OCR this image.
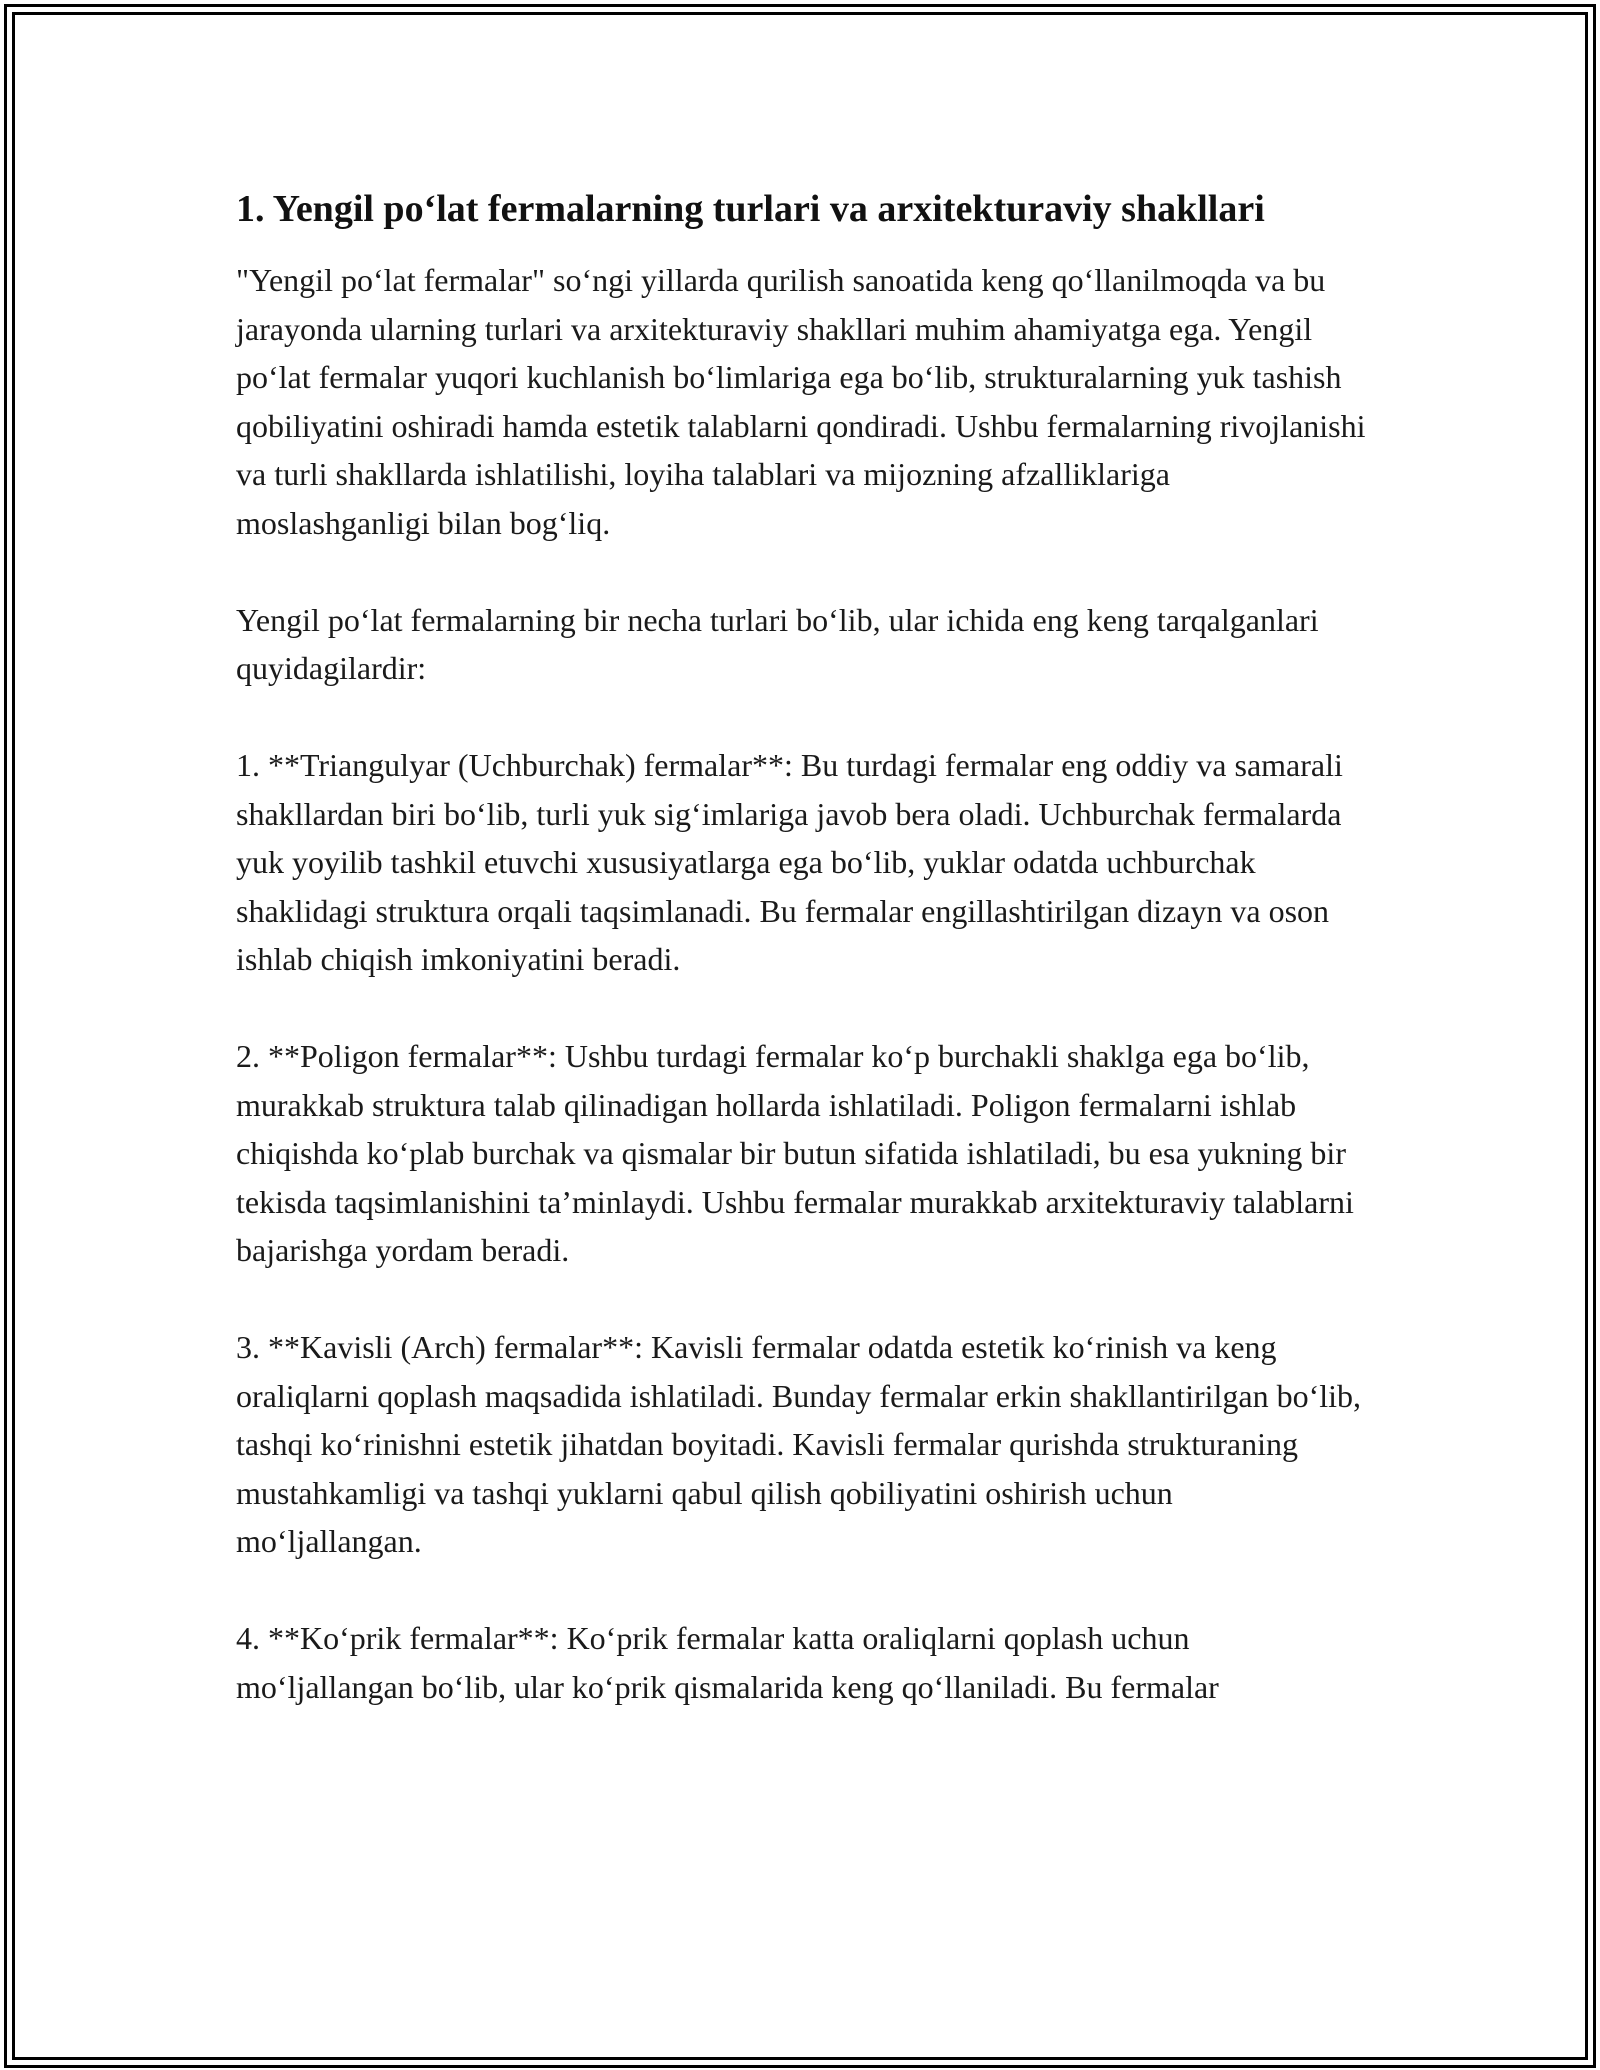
1. Yengil po‘lat fermalarning turlari va arxitekturaviy shakllari

"Yengil po‘lat fermalar" so‘ngi yillarda qurilish sanoatida keng qo‘llanilmoqda va bu jarayonda ularning turlari va arxitekturaviy shakllari muhim ahamiyatga ega. Yengil po‘lat fermalar yuqori kuchlanish bo‘limlariga ega bo‘lib, strukturalarning yuk tashish qobiliyatini oshiradi hamda estetik talablarni qondiradi. Ushbu fermalarning rivojlanishi va turli shakllarda ishlatilishi, loyiha talablari va mijozning afzalliklariga moslashganligi bilan bog‘liq.

Yengil po‘lat fermalarning bir necha turlari bo‘lib, ular ichida eng keng tarqalganlari quyidagilardir:

1. **Triangulyar (Uchburchak) fermalar**: Bu turdagi fermalar eng oddiy va samarali shakllardan biri bo‘lib, turli yuk sig‘imlariga javob bera oladi. Uchburchak fermalarda yuk yoyilib tashkil etuvchi xususiyatlarga ega bo‘lib, yuklar odatda uchburchak shaklidagi struktura orqali taqsimlanadi. Bu fermalar engillashtirilgan dizayn va oson ishlab chiqish imkoniyatini beradi.

2. **Poligon fermalar**: Ushbu turdagi fermalar ko‘p burchakli shaklga ega bo‘lib, murakkab struktura talab qilinadigan hollarda ishlatiladi. Poligon fermalarni ishlab chiqishda ko‘plab burchak va qismalar bir butun sifatida ishlatiladi, bu esa yukning bir tekisda taqsimlanishini ta’minlaydi. Ushbu fermalar murakkab arxitekturaviy talablarni bajarishga yordam beradi.

3. **Kavisli (Arch) fermalar**: Kavisli fermalar odatda estetik ko‘rinish va keng oraliqlarni qoplash maqsadida ishlatiladi. Bunday fermalar erkin shakllantirilgan bo‘lib, tashqi ko‘rinishni estetik jihatdan boyitadi. Kavisli fermalar qurishda strukturaning mustahkamligi va tashqi yuklarni qabul qilish qobiliyatini oshirish uchun mo‘ljallangan.

4. **Ko‘prik fermalar**: Ko‘prik fermalar katta oraliqlarni qoplash uchun mo‘ljallangan bo‘lib, ular ko‘prik qismalarida keng qo‘llaniladi. Bu fermalar
